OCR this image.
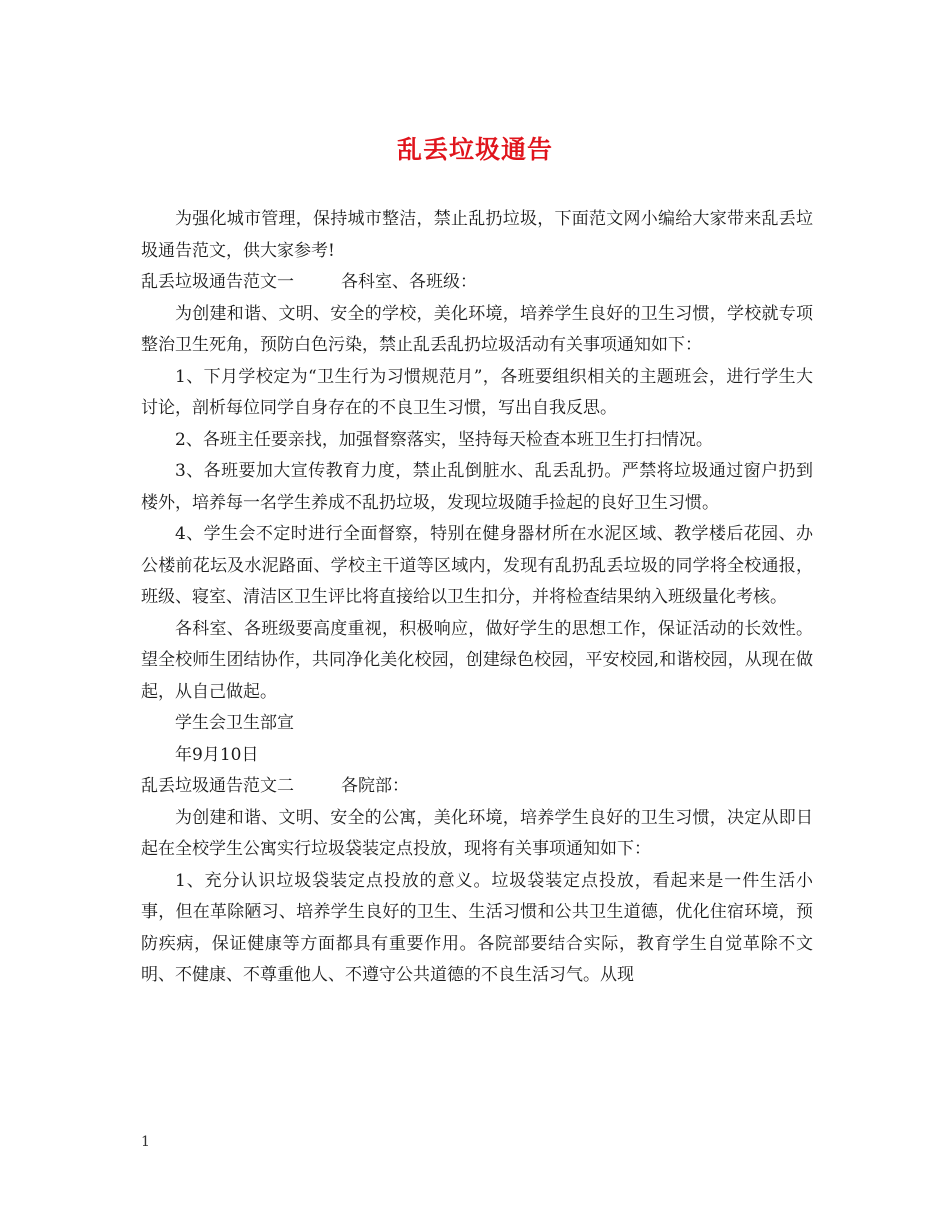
乱丢垃圾通告

为强化城市管理，保持城市整洁，禁止乱扔垃圾，下面范文网小编给大家带来乱丢垃圾通告范文，供大家参考!

乱丢垃圾通告范文一	各科室、各班级：

为创建和谐、文明、安全的学校，美化环境，培养学生良好的卫生习惯，学校就专项整治卫生死角，预防白色污染，禁止乱丢乱扔垃圾活动有关事项通知如下：

1、下月学校定为“卫生行为习惯规范月”，各班要组织相关的主题班会，进行学生大讨论，剖析每位同学自身存在的不良卫生习惯，写出自我反思。

2、各班主任要亲找，加强督察落实，坚持每天检查本班卫生打扫情况。

3、各班要加大宣传教育力度，禁止乱倒脏水、乱丢乱扔。严禁将垃圾通过窗户扔到楼外，培养每一名学生养成不乱扔垃圾，发现垃圾随手捡起的良好卫生习惯。

4、学生会不定时进行全面督察，特别在健身器材所在水泥区域、教学楼后花园、办公楼前花坛及水泥路面、学校主干道等区域内，发现有乱扔乱丢垃圾的同学将全校通报，班级、寝室、清洁区卫生评比将直接给以卫生扣分，并将检查结果纳入班级量化考核。

各科室、各班级要高度重视，积极响应，做好学生的思想工作，保证活动的长效性。望全校师生团结协作，共同净化美化校园，创建绿色校园，平安校园,和谐校园，从现在做起，从自己做起。

学生会卫生部宣

年9月10日

乱丢垃圾通告范文二	各院部：

为创建和谐、文明、安全的公寓，美化环境，培养学生良好的卫生习惯，决定从即日起在全校学生公寓实行垃圾袋装定点投放，现将有关事项通知如下：

1、充分认识垃圾袋装定点投放的意义。垃圾袋装定点投放，看起来是一件生活小事，但在革除陋习、培养学生良好的卫生、生活习惯和公共卫生道德，优化住宿环境，预防疾病，保证健康等方面都具有重要作用。各院部要结合实际，教育学生自觉革除不文明、不健康、不尊重他人、不遵守公共道德的不良生活习气。从现

1
